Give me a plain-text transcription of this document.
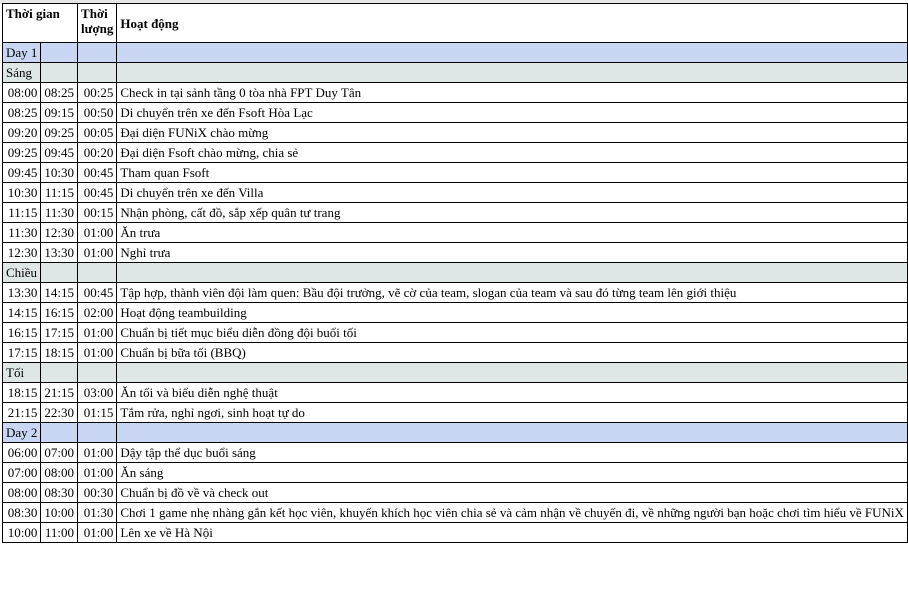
Thời gian		Thời lượng	Hoạt động
Day 1			
Sáng			
08:00	08:25	00:25	Check in tại sảnh tầng 0 tòa nhà FPT Duy Tân
08:25	09:15	00:50	Di chuyển trên xe đến Fsoft Hòa Lạc
09:20	09:25	00:05	Đại diện FUNiX chào mừng
09:25	09:45	00:20	Đại diện Fsoft chào mừng, chia sẻ
09:45	10:30	00:45	Tham quan Fsoft
10:30	11:15	00:45	Di chuyển trên xe đến Villa
11:15	11:30	00:15	Nhận phòng, cất đồ, sắp xếp quân tư trang
11:30	12:30	01:00	Ăn trưa
12:30	13:30	01:00	Nghỉ trưa
Chiều			
13:30	14:15	00:45	Tập hợp, thành viên đội làm quen: Bầu đội trưởng, vẽ cờ của team, slogan của team và sau đó từng team lên giới thiệu
14:15	16:15	02:00	Hoạt động teambuilding
16:15	17:15	01:00	Chuẩn bị tiết mục biểu diễn đồng đội buổi tối
17:15	18:15	01:00	Chuẩn bị bữa tối (BBQ)
Tối			
18:15	21:15	03:00	Ăn tối và biểu diễn nghệ thuật
21:15	22:30	01:15	Tắm rửa, nghỉ ngơi, sinh hoạt tự do
Day 2			
06:00	07:00	01:00	Dậy tập thể dục buổi sáng
07:00	08:00	01:00	Ăn sáng
08:00	08:30	00:30	Chuẩn bị đồ về và check out
08:30	10:00	01:30	Chơi 1 game nhẹ nhàng gắn kết học viên, khuyến khích học viên chia sẻ và cảm nhận về chuyến đi, về những người bạn hoặc chơi tìm hiểu về FUNiX
10:00	11:00	01:00	Lên xe về Hà Nội
